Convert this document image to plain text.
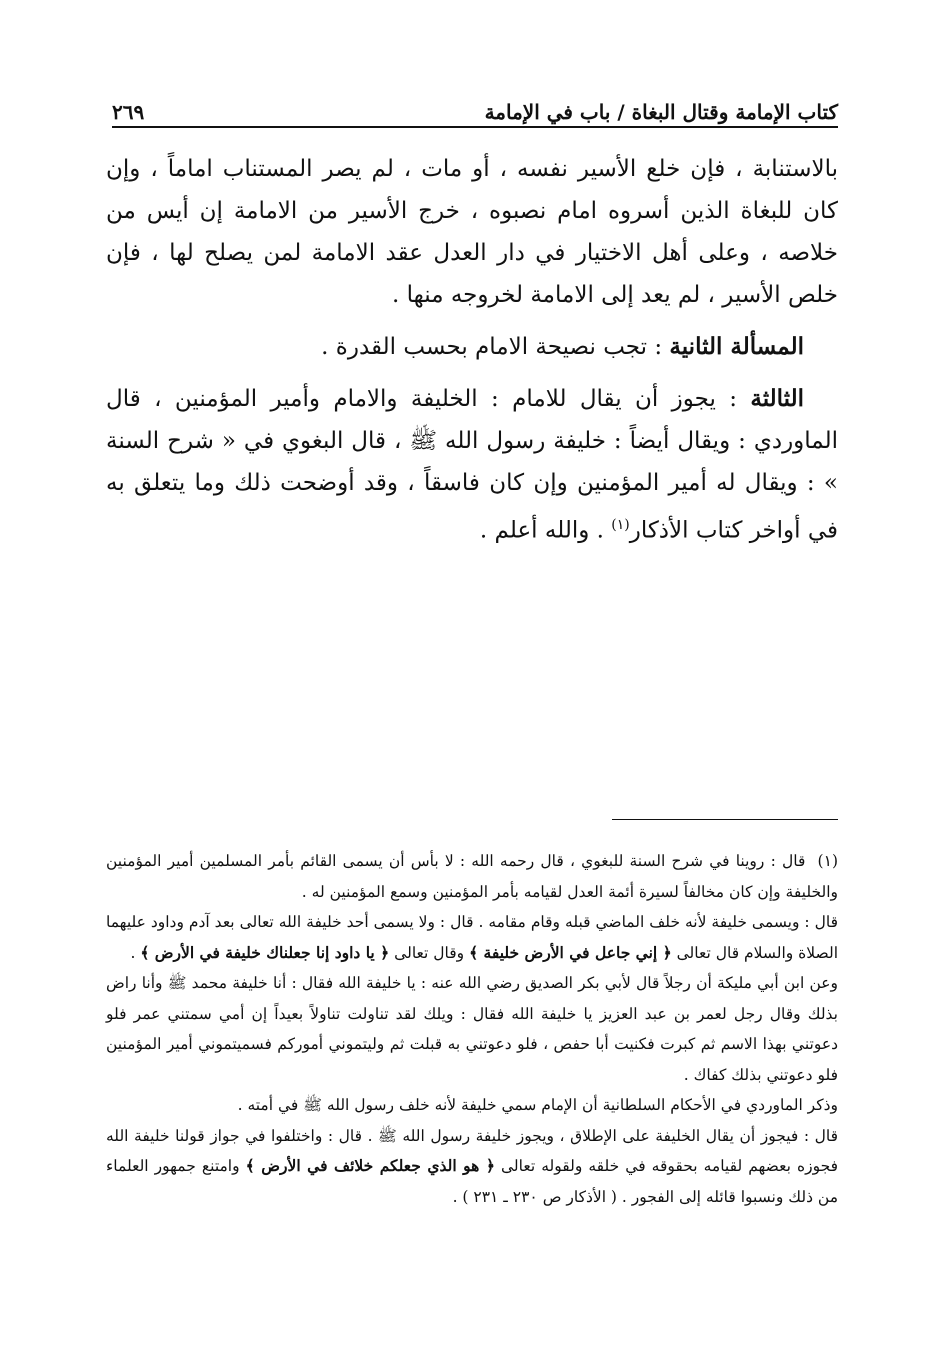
كتاب الإمامة وقتال البغاة / باب في الإمامة
٢٦٩

بالاستنابة ، فإن خلع الأسير نفسه ، أو مات ، لم يصر المستناب اماماً ، وإن كان للبغاة الذين أسروه امام نصبوه ، خرج الأسير من الامامة إن أيس من خلاصه ، وعلى أهل الاختيار في دار العدل عقد الامامة لمن يصلح لها ، فإن خلص الأسير ، لم يعد إلى الامامة لخروجه منها .

المسألة الثانية : تجب نصيحة الامام بحسب القدرة .

الثالثة : يجوز أن يقال للامام : الخليفة والامام وأمير المؤمنين ، قال الماوردي : ويقال أيضاً : خليفة رسول الله ﷺ ، قال البغوي في « شرح السنة » : ويقال له أمير المؤمنين وإن كان فاسقاً ، وقد أوضحت ذلك وما يتعلق به في أواخر كتاب الأذكار$^{(١)}$ . والله أعلم .

(١) قال : روينا في شرح السنة للبغوي ، قال رحمه الله : لا بأس أن يسمى القائم بأمر المسلمين أمير المؤمنين والخليفة وإن كان مخالفاً لسيرة أئمة العدل لقيامه بأمر المؤمنين وسمع المؤمنين له .

قال : ويسمى خليفة لأنه خلف الماضي قبله وقام مقامه . قال : ولا يسمى أحد خليفة الله تعالى بعد آدم وداود عليهما الصلاة والسلام قال تعالى ﴿ إني جاعل في الأرض خليفة ﴾ وقال تعالى ﴿ يا داود إنا جعلناك خليفة في الأرض ﴾ .

وعن ابن أبي مليكة أن رجلاً قال لأبي بكر الصديق رضي الله عنه : يا خليفة الله فقال : أنا خليفة محمد ﷺ وأنا راض بذلك وقال رجل لعمر بن عبد العزيز يا خليفة الله فقال : ويلك لقد تناولت تناولاً بعيداً إن أمي سمتني عمر فلو دعوتني بهذا الاسم ثم كبرت فكنيت أبا حفص ، فلو دعوتني به قبلت ثم وليتموني أموركم فسميتموني أمير المؤمنين فلو دعوتني بذلك كفاك .

وذكر الماوردي في الأحكام السلطانية أن الإمام سمي خليفة لأنه خلف رسول الله ﷺ في أمته .

قال : فيجوز أن يقال الخليفة على الإطلاق ، ويجوز خليفة رسول الله ﷺ . قال : واختلفوا في جواز قولنا خليفة الله فجوزه بعضهم لقيامه بحقوقه في خلقه ولقوله تعالى ﴿ هو الذي جعلكم خلائف في الأرض ﴾ وامتنع جمهور العلماء من ذلك ونسبوا قائله إلى الفجور . ( الأذكار ص ٢٣٠ ـ ٢٣١ ) .
